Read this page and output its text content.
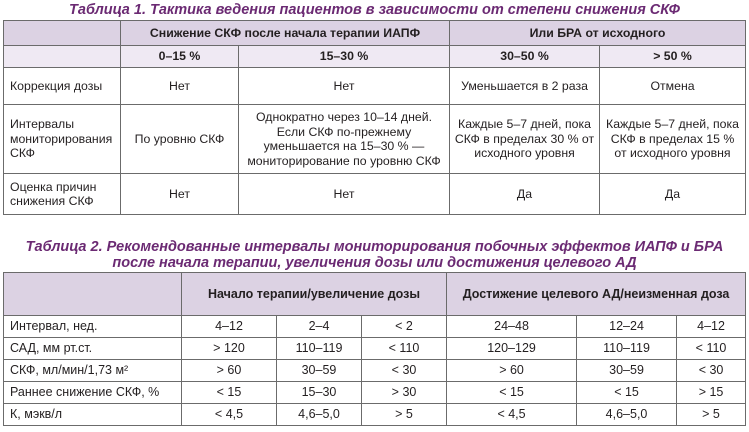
Таблица 1. Тактика ведения пациентов в зависимости от степени снижения СКФ
	Снижение СКФ после начала терапии ИАПФ		Или БРА от исходного	
	0–15 %	15–30 %	30–50 %	> 50 %
Коррекция дозы	Нет	Нет	Уменьшается в 2 раза	Отмена
Интервалы мониторирования СКФ	По уровню СКФ	Однократно через 10–14 дней. Если СКФ по-прежнему уменьшается на 15–30 % — мониторирование по уровню СКФ	Каждые 5–7 дней, пока СКФ в пределах 30 % от исходного уровня	Каждые 5–7 дней, пока СКФ в пределах 15 % от исходного уровня
Оценка причин снижения СКФ	Нет	Нет	Да	Да
Таблица 2. Рекомендованные интервалы мониторирования побочных эффектов ИАПФ и БРА
после начала терапии, увеличения дозы или достижения целевого АД
	Начало терапии/увеличение дозы			Достижение целевого АД/неизменная доза		
Интервал, нед.	4–12	2–4	< 2	24–48	12–24	4–12
САД, мм рт.ст.	> 120	110–119	< 110	120–129	110–119	< 110
СКФ, мл/мин/1,73 м²	> 60	30–59	< 30	> 60	30–59	< 30
Раннее снижение СКФ, %	< 15	15–30	> 30	< 15	< 15	> 15
К, мэкв/л	< 4,5	4,6–5,0	> 5	< 4,5	4,6–5,0	> 5
